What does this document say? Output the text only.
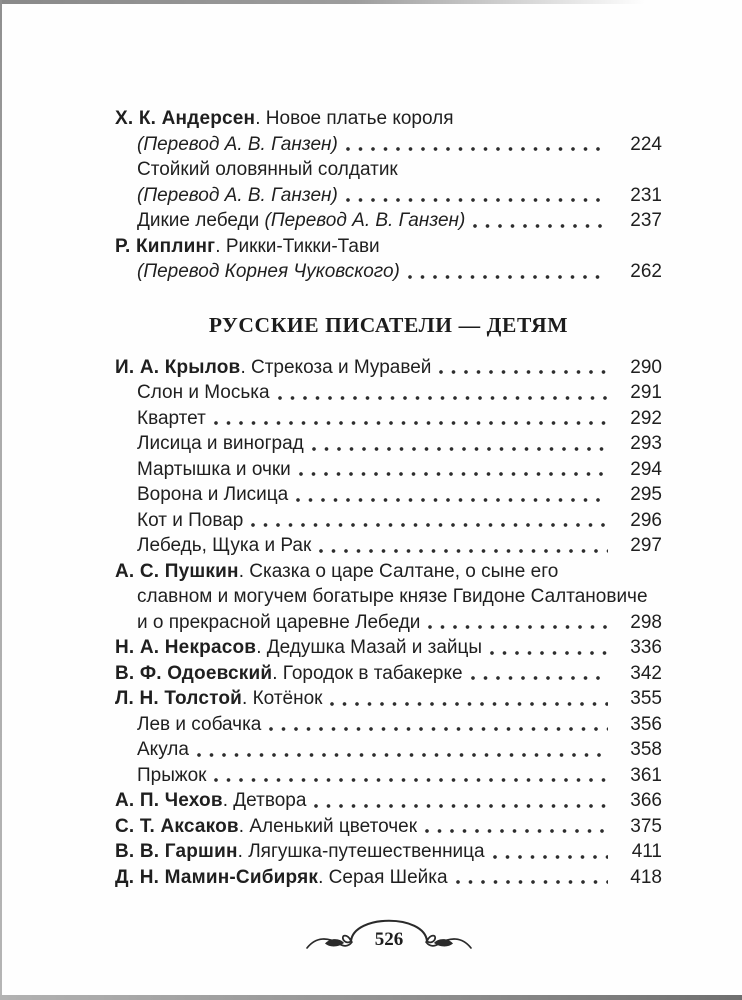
Х. К. Андерсен. Новое платье короля
(Перевод А. В. Ганзен)	224
Стойкий оловянный солдатик
(Перевод А. В. Ганзен)	231
Дикие лебеди (Перевод А. В. Ганзен)	237
Р. Киплинг. Рикки-Тикки-Тави
(Перевод Корнея Чуковского)	262
РУССКИЕ ПИСАТЕЛИ — ДЕТЯМ
И. А. Крылов. Стрекоза и Муравей	290
Слон и Моська	291
Квартет	292
Лисица и виноград	293
Мартышка и очки	294
Ворона и Лисица	295
Кот и Повар	296
Лебедь, Щука и Рак	297
А. С. Пушкин. Сказка о царе Салтане, о сыне его
славном и могучем богатыре князе Гвидоне Салтановиче
и о прекрасной царевне Лебеди	298
Н. А. Некрасов. Дедушка Мазай и зайцы	336
В. Ф. Одоевский. Городок в табакерке	342
Л. Н. Толстой. Котёнок	355
Лев и собачка	356
Акула	358
Прыжок	361
А. П. Чехов. Детвора	366
С. Т. Аксаков. Аленький цветочек	375
В. В. Гаршин. Лягушка-путешественница	411
Д. Н. Мамин-Сибиряк. Серая Шейка	418
526
